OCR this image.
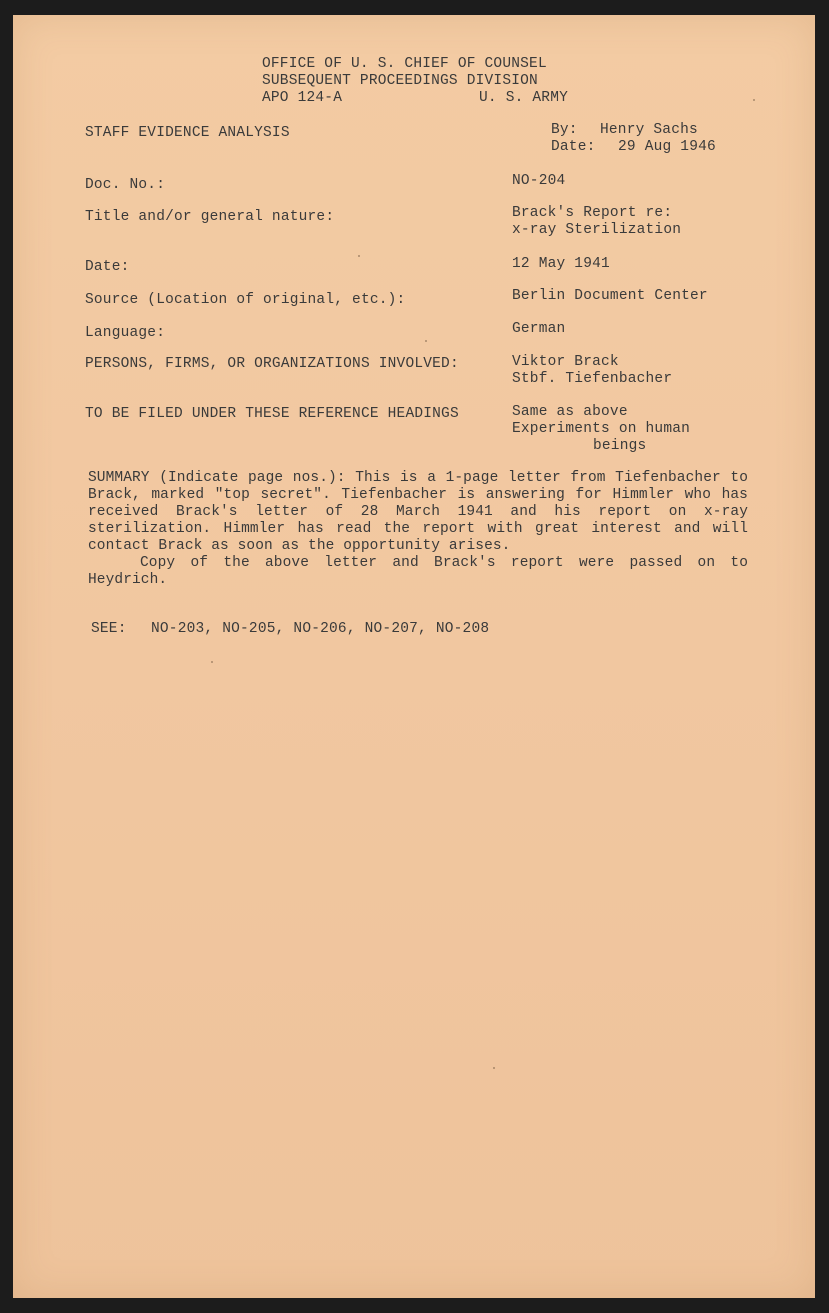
OFFICE OF U. S. CHIEF OF COUNSEL
SUBSEQUENT PROCEEDINGS DIVISION
APO 124-A	U. S. ARMY
STAFF EVIDENCE ANALYSIS	By: Henry Sachs
Date: 29 Aug 1946
Doc. No.:	NO-204
Title and/or general nature:	Brack's Report re:
x-ray Sterilization
Date:	12 May 1941
Source (Location of original, etc.):	Berlin Document Center
Language:	German
PERSONS, FIRMS, OR ORGANIZATIONS INVOLVED:	Viktor Brack
Stbf. Tiefenbacher
TO BE FILED UNDER THESE REFERENCE HEADINGS	Same as above
Experiments on human
beings

SUMMARY (Indicate page nos.): This is a 1-page letter from Tiefenbacher to Brack, marked "top secret". Tiefenbacher is answering for Himmler who has received Brack's letter of 28 March 1941 and his report on x-ray sterilization. Himmler has read the report with great interest and will contact Brack as soon as the opportunity arises.

Copy of the above letter and Brack's report were passed on to Heydrich.

SEE: NO-203, NO-205, NO-206, NO-207, NO-208
